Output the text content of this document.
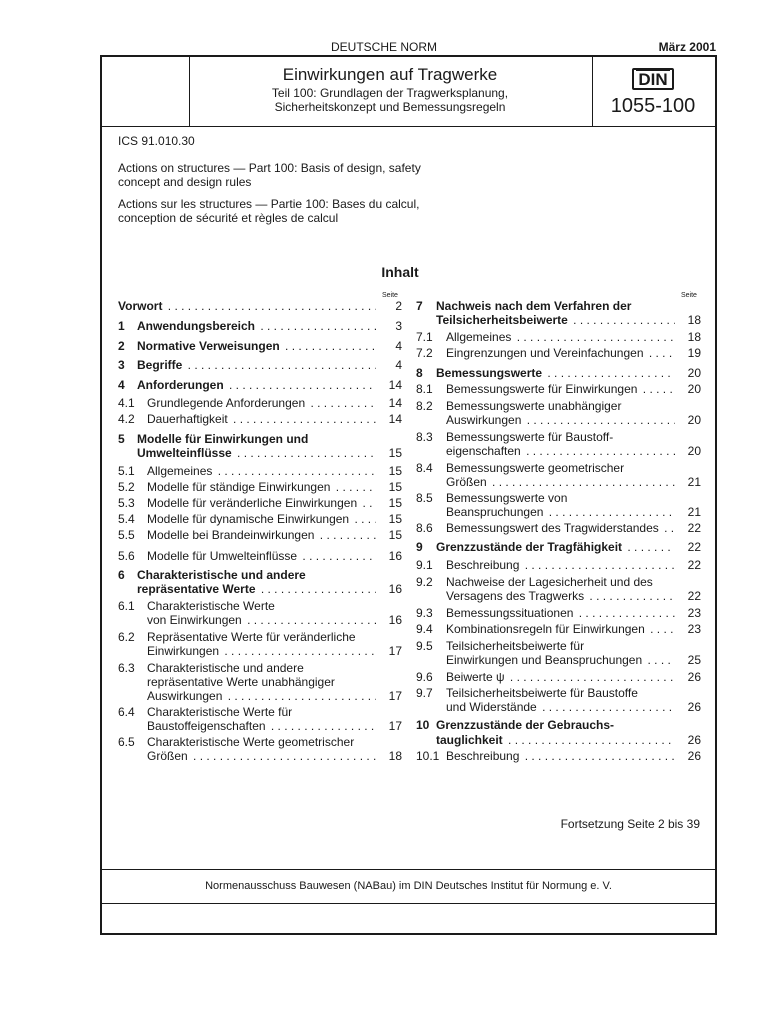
DEUTSCHE NORM	März 2001
Einwirkungen auf Tragwerke
Teil 100: Grundlagen der Tragwerksplanung,
Sicherheitskonzept und Bemessungsregeln
DIN
1055-100
ICS 91.010.30
Actions on structures — Part 100: Basis of design, safety
concept and design rules
Actions sur les structures — Partie 100: Bases du calcul,
conception de sécurité et règles de calcul
Inhalt
Seite	Seite
Fortsetzung Seite 2 bis 39
Normenausschuss Bauwesen (NABau) im DIN Deutsches Institut für Normung e. V.
Vorwort . . .	2
1	Anwendungsbereich . . .	3
2	Normative Verweisungen . . .	4
3	Begriffe . . .	4
4	Anforderungen . . .	14
4.1	Grundlegende Anforderungen . . .	14
4.2	Dauerhaftigkeit . . .	14
5	Modelle für Einwirkungen und
Umwelteinflüsse . . .	15
5.1	Allgemeines . . .	15
5.2	Modelle für ständige Einwirkungen . . .	15
5.3	Modelle für veränderliche Einwirkungen . . .	15
5.4	Modelle für dynamische Einwirkungen . . .	15
5.5	Modelle bei Brandeinwirkungen . . .	15
5.6	Modelle für Umwelteinflüsse . . .	16
6	Charakteristische und andere
repräsentative Werte . . .	16
6.1	Charakteristische Werte
von Einwirkungen . . .	16
6.2	Repräsentative Werte für veränderliche
Einwirkungen . . .	17
6.3	Charakteristische und andere
repräsentative Werte unabhängiger
Auswirkungen . . .	17
6.4	Charakteristische Werte für
Baustoffeigenschaften . . .	17
6.5	Charakteristische Werte geometrischer
Größen . . .	18
7	Nachweis nach dem Verfahren der
Teilsicherheitsbeiwerte . . .	18
7.1	Allgemeines . . .	18
7.2	Eingrenzungen und Vereinfachungen . . .	19
8	Bemessungswerte . . .	20
8.1	Bemessungswerte für Einwirkungen . . .	20
8.2	Bemessungswerte unabhängiger
Auswirkungen . . .	20
8.3	Bemessungswerte für Baustoff-
eigenschaften . . .	20
8.4	Bemessungswerte geometrischer
Größen . . .	21
8.5	Bemessungswerte von
Beanspruchungen . . .	21
8.6	Bemessungswert des Tragwiderstandes . . .	22
9	Grenzzustände der Tragfähigkeit . . .	22
9.1	Beschreibung . . .	22
9.2	Nachweise der Lagesicherheit und des
Versagens des Tragwerks . . .	22
9.3	Bemessungssituationen . . .	23
9.4	Kombinationsregeln für Einwirkungen . . .	23
9.5	Teilsicherheitsbeiwerte für
Einwirkungen und Beanspruchungen . . .	25
9.6	Beiwerte ψ . . .	26
9.7	Teilsicherheitsbeiwerte für Baustoffe
und Widerstände . . .	26
10 Grenzzustände der Gebrauchs-
tauglichkeit . . .	26
10.1 Beschreibung . . .	26
